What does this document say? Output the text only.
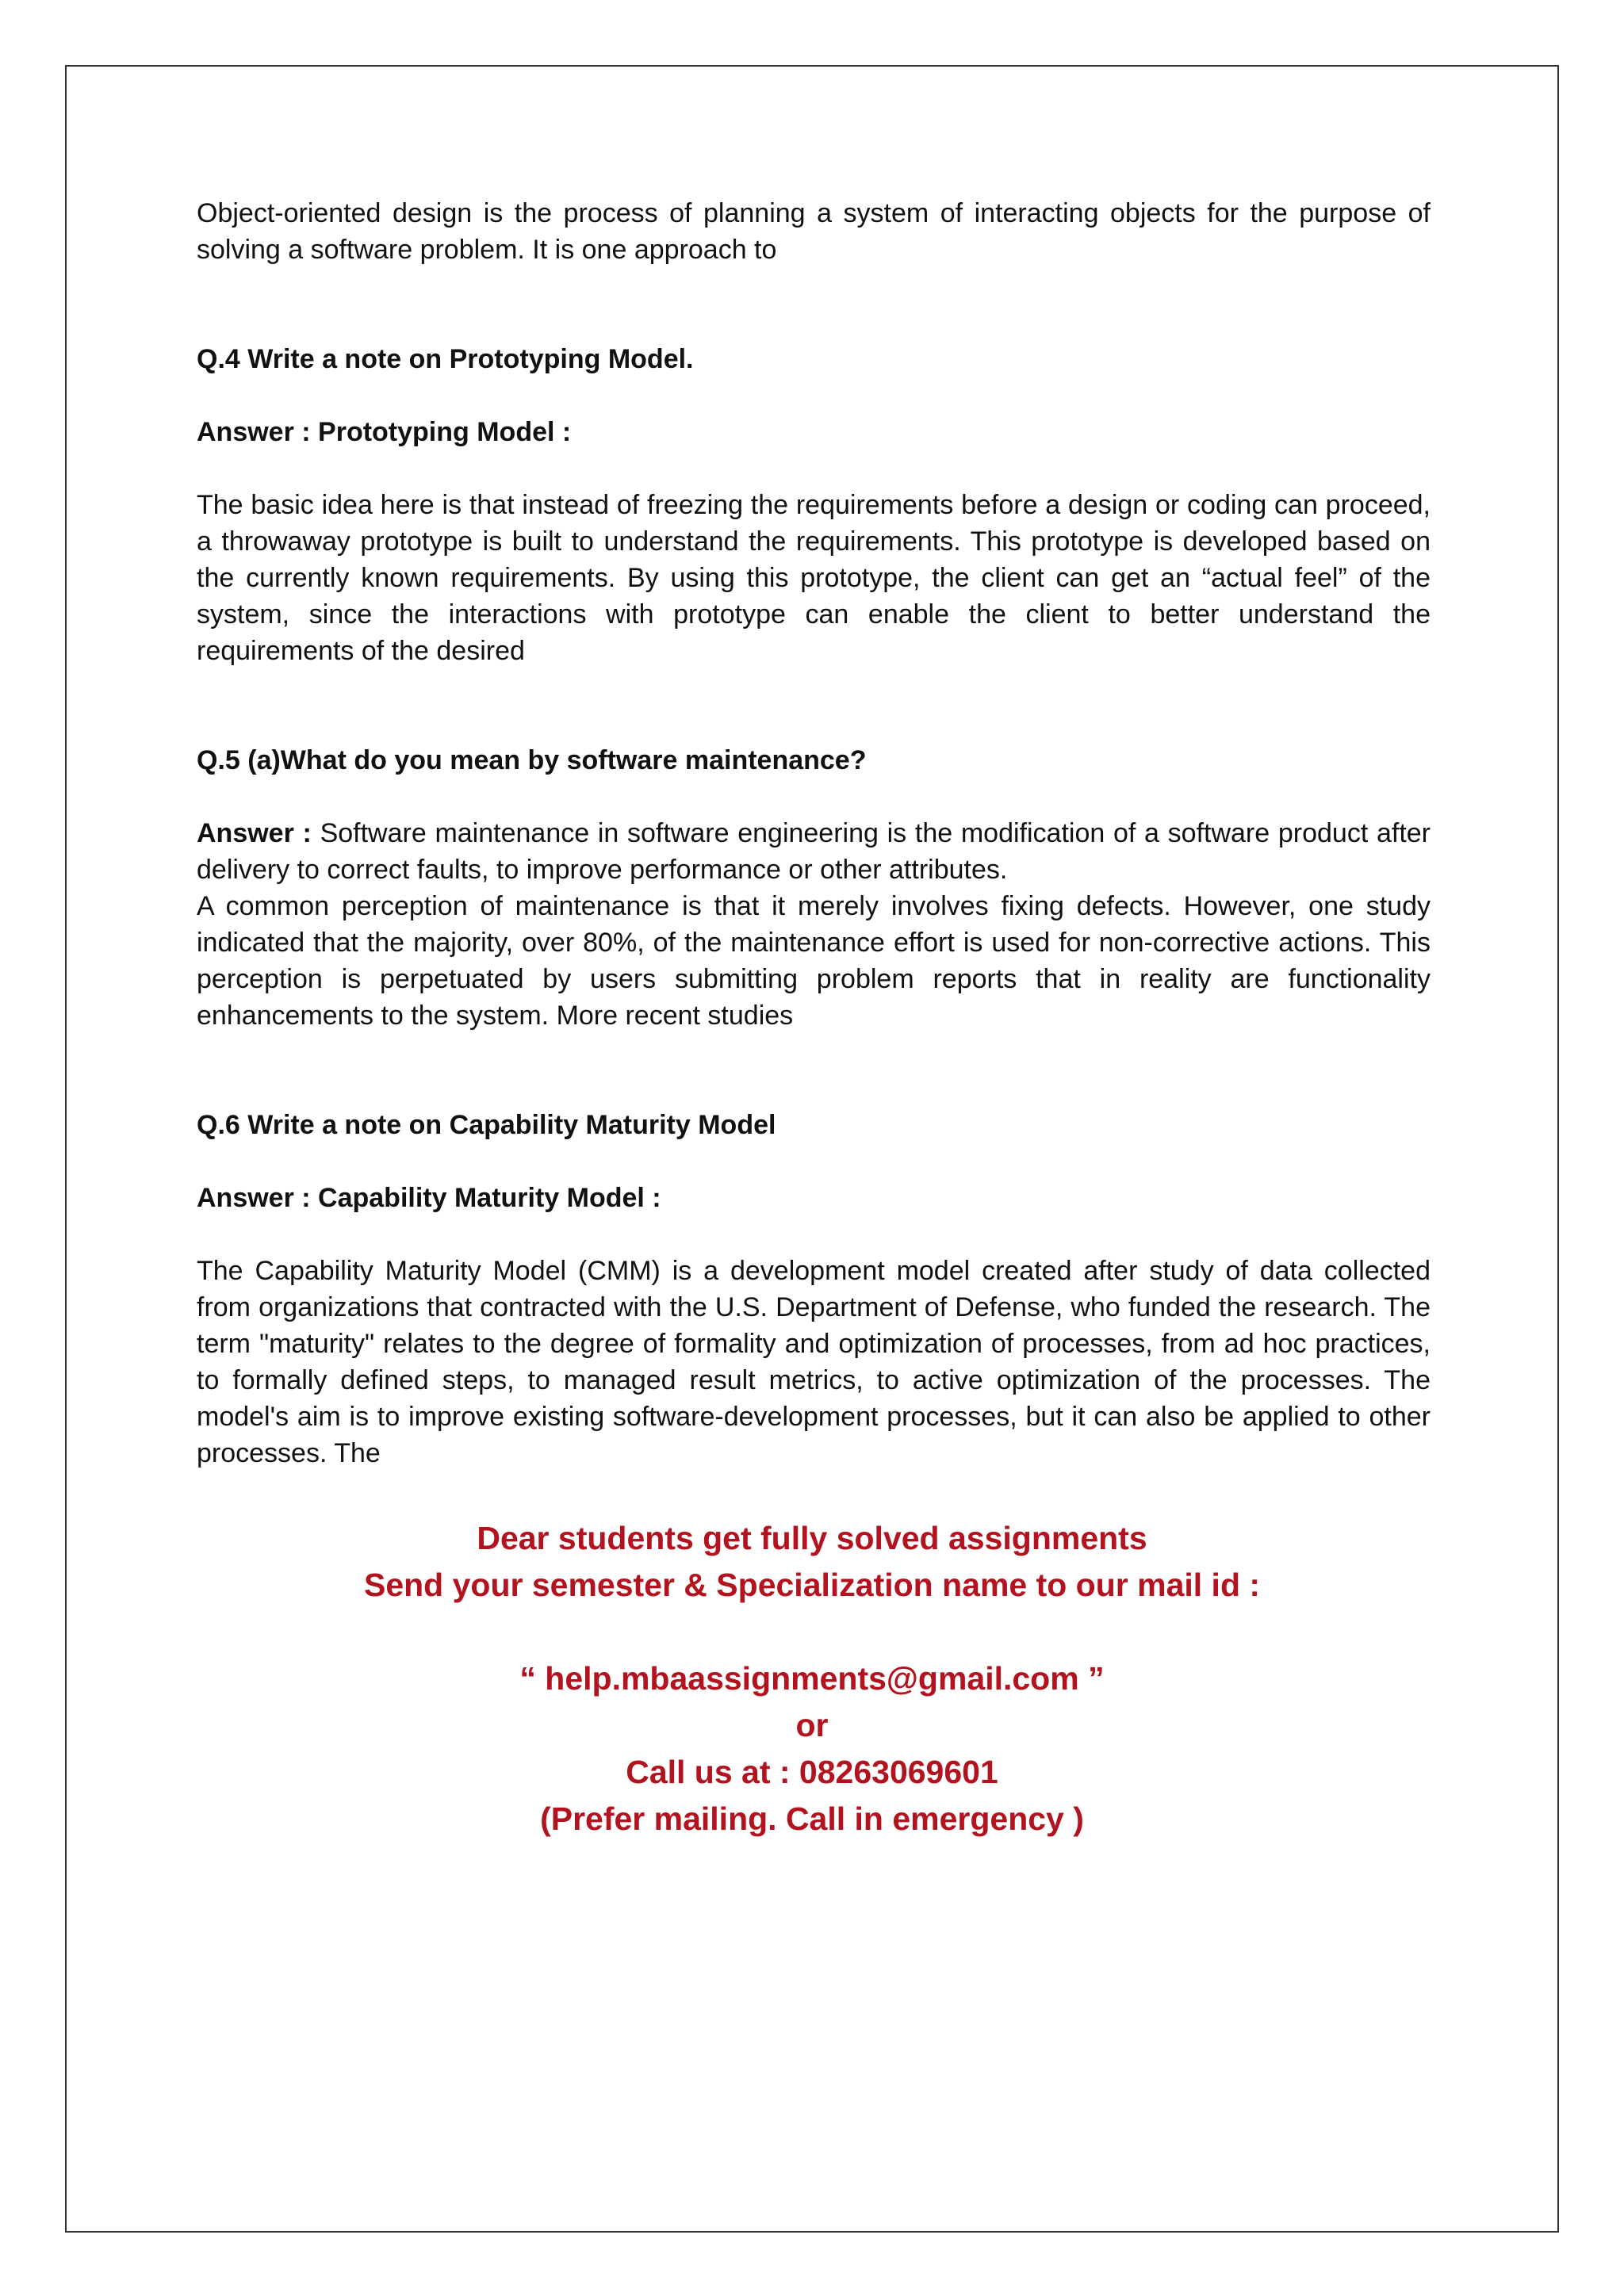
Object-oriented design is the process of planning a system of interacting objects for the purpose of solving a software problem. It is one approach to

Q.4 Write a note on Prototyping Model.

Answer : Prototyping Model :

The basic idea here is that instead of freezing the requirements before a design or coding can proceed, a throwaway prototype is built to understand the requirements. This prototype is developed based on the currently known requirements. By using this prototype, the client can get an “actual feel” of the system, since the interactions with prototype can enable the client to better understand the requirements of the desired

Q.5 (a)What do you mean by software maintenance?

Answer : Software maintenance in software engineering is the modification of a software product after delivery to correct faults, to improve performance or other attributes.

A common perception of maintenance is that it merely involves fixing defects. However, one study indicated that the majority, over 80%, of the maintenance effort is used for non-corrective actions. This perception is perpetuated by users submitting problem reports that in reality are functionality enhancements to the system. More recent studies

Q.6 Write a note on Capability Maturity Model

Answer : Capability Maturity Model :

The Capability Maturity Model (CMM) is a development model created after study of data collected from organizations that contracted with the U.S. Department of Defense, who funded the research. The term "maturity" relates to the degree of formality and optimization of processes, from ad hoc practices, to formally defined steps, to managed result metrics, to active optimization of the processes. The model's aim is to improve existing software-development processes, but it can also be applied to other processes. The

Dear students get fully solved assignments
Send your semester & Specialization name to our mail id :
“ help.mbaassignments@gmail.com ”
or
Call us at : 08263069601
(Prefer mailing. Call in emergency )
